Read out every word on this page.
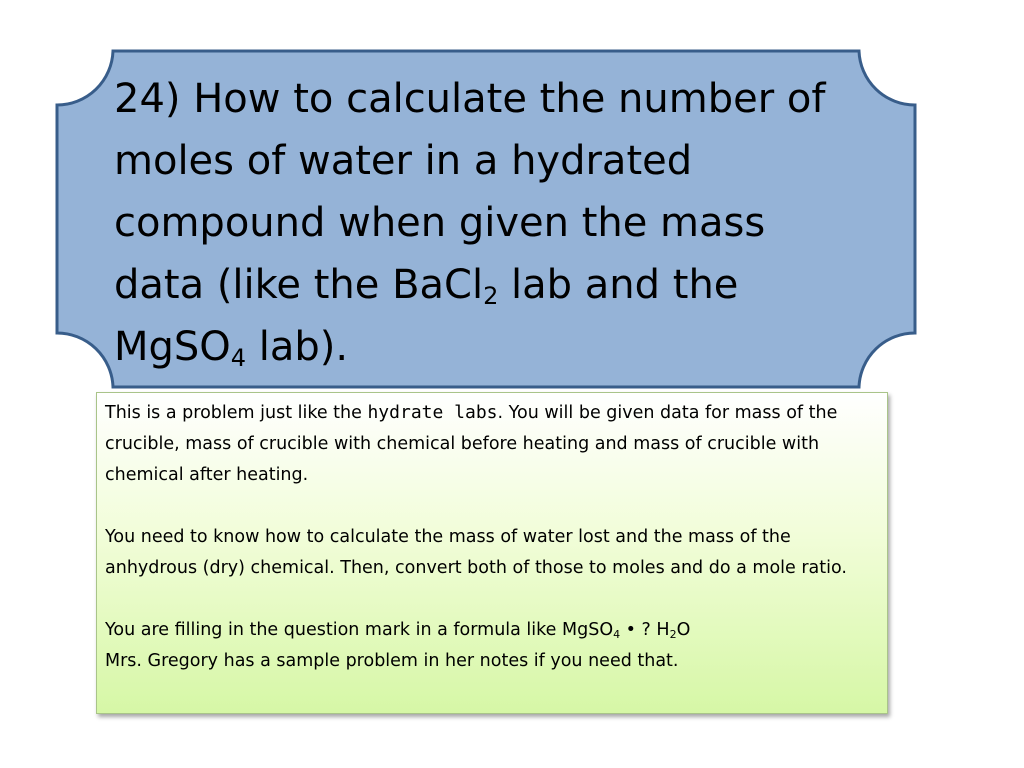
24) How to calculate the number of
moles of water in a hydrated
compound when given the mass
data (like the BaCl$_2$ lab and the
MgSO$_4$ lab).

This is a problem just like the hydrate labs. You will be given data for mass of the crucible, mass of crucible with chemical before heating and mass of crucible with chemical after heating.

You need to know how to calculate the mass of water lost and the mass of the anhydrous (dry) chemical. Then, convert both of those to moles and do a mole ratio.

You are filling in the question mark in a formula like MgSO$_4$ • ? $H_2O$

Mrs. Gregory has a sample problem in her notes if you need that.
